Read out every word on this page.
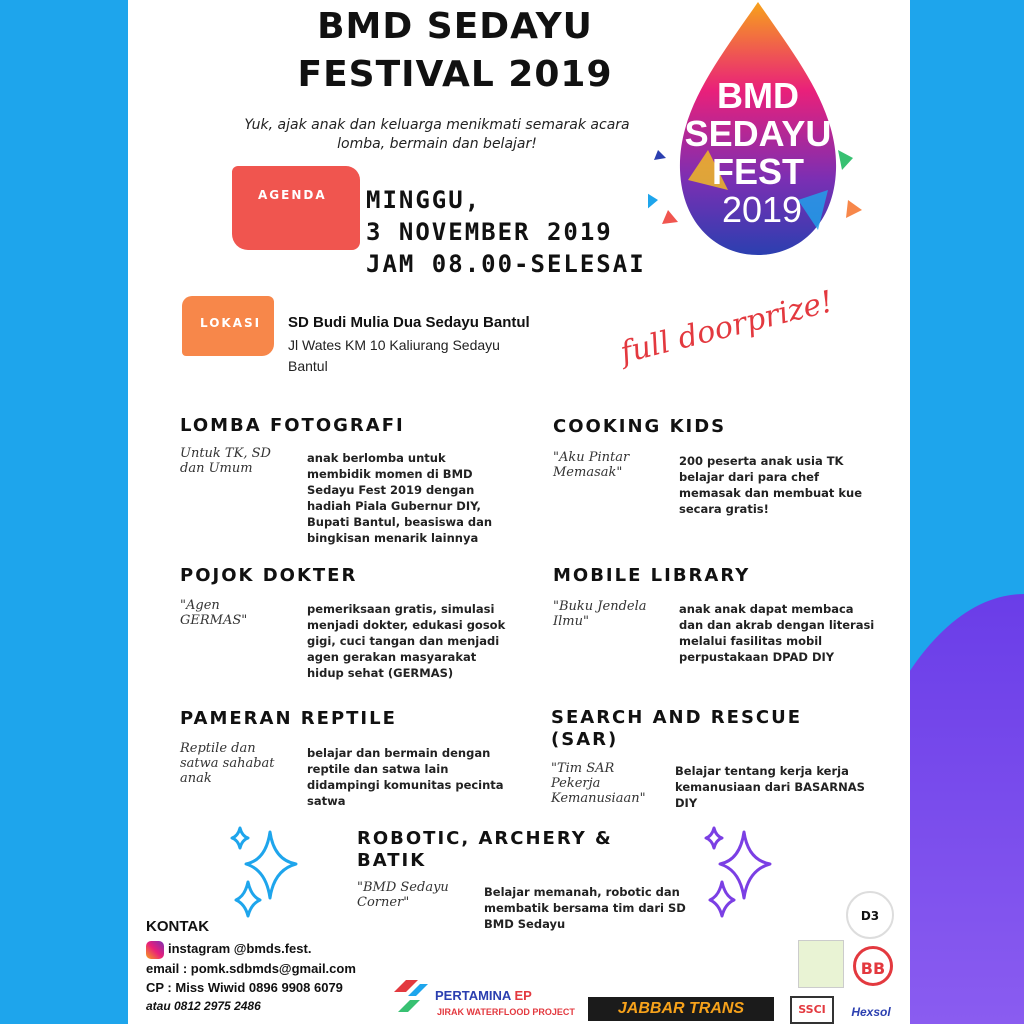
BMD SEDAYU
FESTIVAL 2019
Yuk, ajak anak dan keluarga menikmati semarak acara
lomba, bermain dan belajar!
BMD
SEDAYU
FEST
2019
AGENDA MINGGU,
3 NOVEMBER 2019
JAM 08.00-SELESAI
LOKASI SD Budi Mulia Dua Sedayu Bantul
Jl Wates KM 10 Kaliurang Sedayu
Bantul	full doorprize!
LOMBA FOTOGRAFI
Untuk TK, SD dan Umum
anak berlomba untuk membidik momen di BMD Sedayu Fest 2019 dengan hadiah Piala Gubernur DIY, Bupati Bantul, beasiswa dan bingkisan menarik lainnya
POJOK DOKTER
"Agen GERMAS"
pemeriksaan gratis, simulasi menjadi dokter, edukasi gosok gigi, cuci tangan dan menjadi agen gerakan masyarakat hidup sehat (GERMAS)
PAMERAN REPTILE
Reptile dan satwa sahabat anak
belajar dan bermain dengan reptile dan satwa lain didampingi komunitas pecinta satwa
COOKING KIDS
"Aku Pintar Memasak"
200 peserta anak usia TK belajar dari para chef memasak dan membuat kue secara gratis!
MOBILE LIBRARY
"Buku Jendela Ilmu"
anak anak dapat membaca dan dan akrab dengan literasi melalui fasilitas mobil perpustakaan DPAD DIY
SEARCH AND RESCUE (SAR)
"Tim SAR Pekerja Kemanusiaan"
Belajar tentang kerja kerja kemanusiaan dari BASARNAS DIY
ROBOTIC, ARCHERY & BATIK
"BMD Sedayu Corner"
Belajar memanah, robotic dan membatik bersama tim dari SD BMD Sedayu
KONTAK
instagram @bmds.fest.
email : pomk.sdbmds@gmail.com
CP : Miss Wiwid 0896 9908 6079
atau 0812 2975 2486
PERTAMINA EP
JIRAK WATERFLOOD PROJECT	JABBAR TRANS
BB
D3
SSCI	Hexsol
